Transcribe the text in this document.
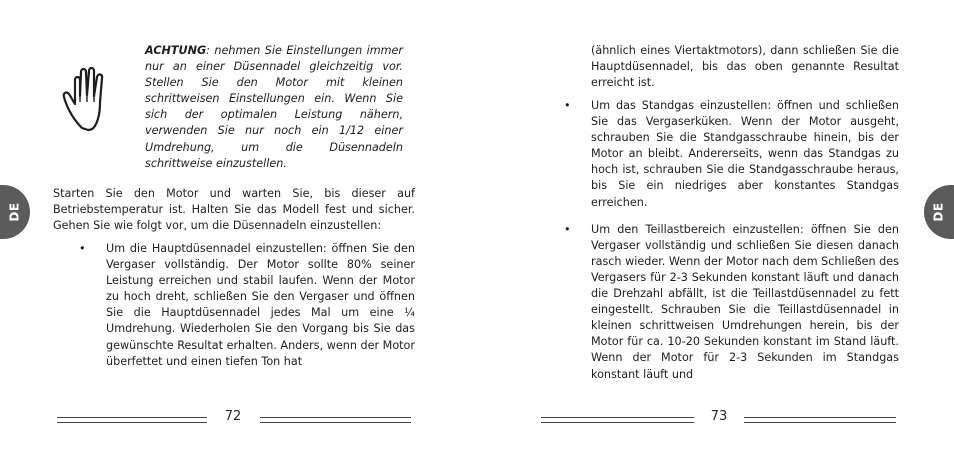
DE	DE

ACHTUNG: nehmen Sie Einstellungen immer nur an einer Düsennadel gleichzeitig vor. Stellen Sie den Motor mit kleinen schrittweisen Einstellungen ein. Wenn Sie sich der optimalen Leistung nähern, verwenden Sie nur noch ein 1/12 einer Umdrehung, um die Düsennadeln schrittweise einzustellen.

Starten Sie den Motor und warten Sie, bis dieser auf Betriebstemperatur ist. Halten Sie das Modell fest und sicher. Gehen Sie wie folgt vor, um die Düsennadeln einzustellen:

• Um die Hauptdüsennadel einzustellen: öffnen Sie den Vergaser vollständig. Der Motor sollte 80% seiner Leistung erreichen und stabil laufen. Wenn der Motor zu hoch dreht, schließen Sie den Vergaser und öffnen Sie die Hauptdüsennadel jedes Mal um eine ¼ Umdrehung. Wiederholen Sie den Vorgang bis Sie das gewünschte Resultat erhalten. Anders, wenn der Motor überfettet und einen tiefen Ton hat

(ähnlich eines Viertaktmotors), dann schließen Sie die Hauptdüsennadel, bis das oben genannte Resultat erreicht ist.

• Um das Standgas einzustellen: öffnen und schließen Sie das Vergaserküken. Wenn der Motor ausgeht, schrauben Sie die Standgasschraube hinein, bis der Motor an bleibt. Andererseits, wenn das Standgas zu hoch ist, schrauben Sie die Standgasschraube heraus, bis Sie ein niedriges aber konstantes Standgas erreichen.
• Um den Teillastbereich einzustellen: öffnen Sie den Vergaser vollständig und schließen Sie diesen danach rasch wieder. Wenn der Motor nach dem Schließen des Vergasers für 2-3 Sekunden konstant läuft und danach die Drehzahl abfällt, ist die Teillastdüsennadel zu fett eingestellt. Schrauben Sie die Teillastdüsennadel in kleinen schrittweisen Umdrehungen herein, bis der Motor für ca. 10-20 Sekunden konstant im Stand läuft. Wenn der Motor für 2-3 Sekunden im Standgas konstant läuft und
72	73
